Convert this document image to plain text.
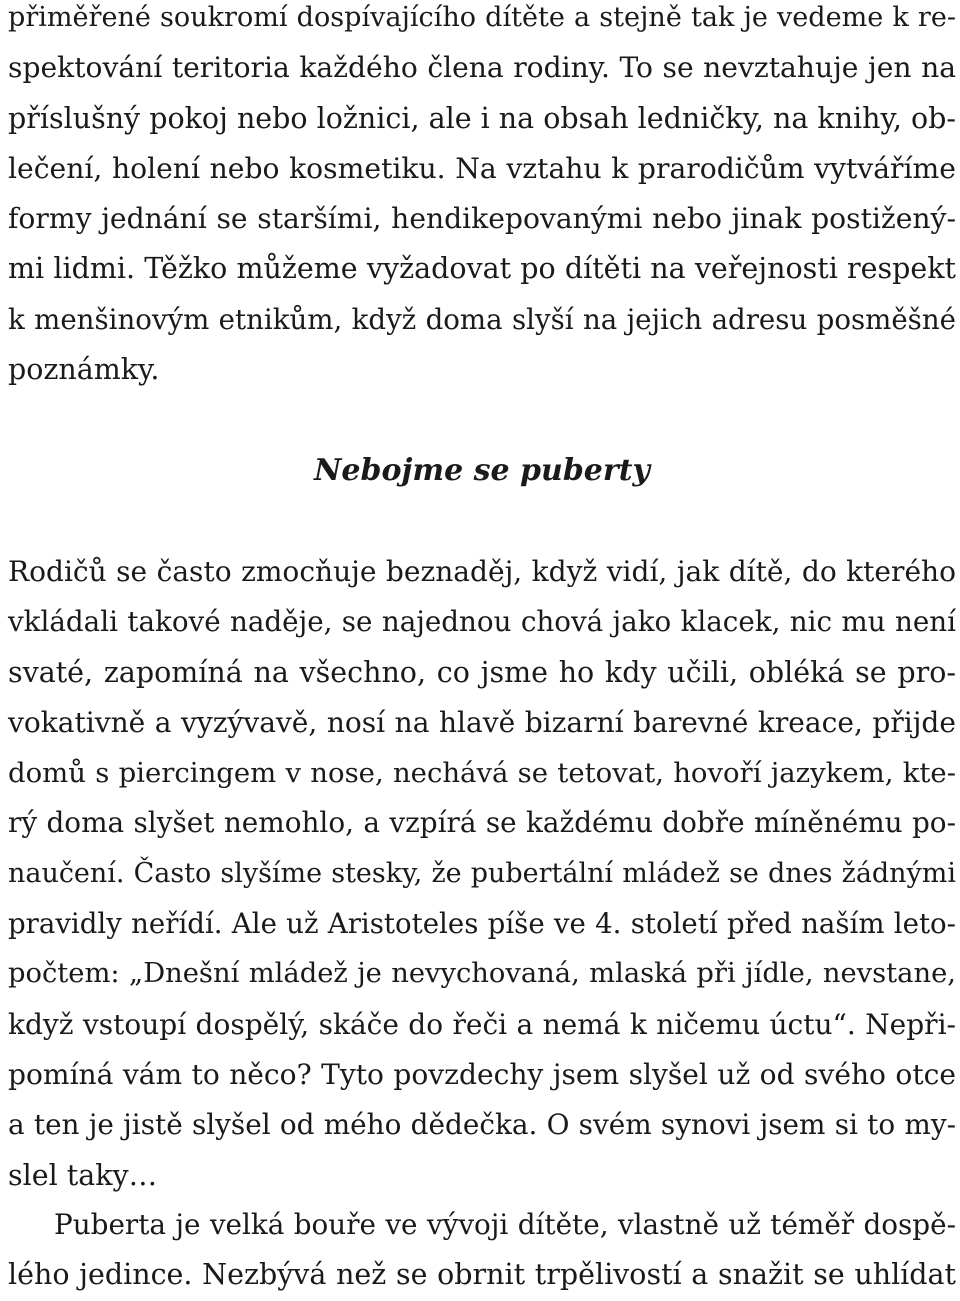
přiměřené soukromí dospívajícího dítěte a stejně tak je vedeme k re-
spektování teritoria každého člena rodiny. To se nevztahuje jen na
příslušný pokoj nebo ložnici, ale i na obsah ledničky, na knihy, ob-
lečení, holení nebo kosmetiku. Na vztahu k prarodičům vytváříme
formy jednání se staršími, hendikepovanými nebo jinak postižený-
mi lidmi. Těžko můžeme vyžadovat po dítěti na veřejnosti respekt
k menšinovým etnikům, když doma slyší na jejich adresu posměšné
poznámky.
Nebojme se puberty
Rodičů se často zmocňuje beznaděj, když vidí, jak dítě, do kterého
vkládali takové naděje, se najednou chová jako klacek, nic mu není
svaté, zapomíná na všechno, co jsme ho kdy učili, obléká se pro-
vokativně a vyzývavě, nosí na hlavě bizarní barevné kreace, přijde
domů s piercingem v nose, nechává se tetovat, hovoří jazykem, kte-
rý doma slyšet nemohlo, a vzpírá se každému dobře míněnému po-
naučení. Často slyšíme stesky, že pubertální mládež se dnes žádnými
pravidly neřídí. Ale už Aristoteles píše ve 4. století před naším leto-
počtem: „Dnešní mládež je nevychovaná, mlaská při jídle, nevstane,
když vstoupí dospělý, skáče do řeči a nemá k ničemu úctu“. Nepři-
pomíná vám to něco? Tyto povzdechy jsem slyšel už od svého otce
a ten je jistě slyšel od mého dědečka. O svém synovi jsem si to my-
slel taky…
Puberta je velká bouře ve vývoji dítěte, vlastně už téměř dospě-
lého jedince. Nezbývá než se obrnit trpělivostí a snažit se uhlídat
